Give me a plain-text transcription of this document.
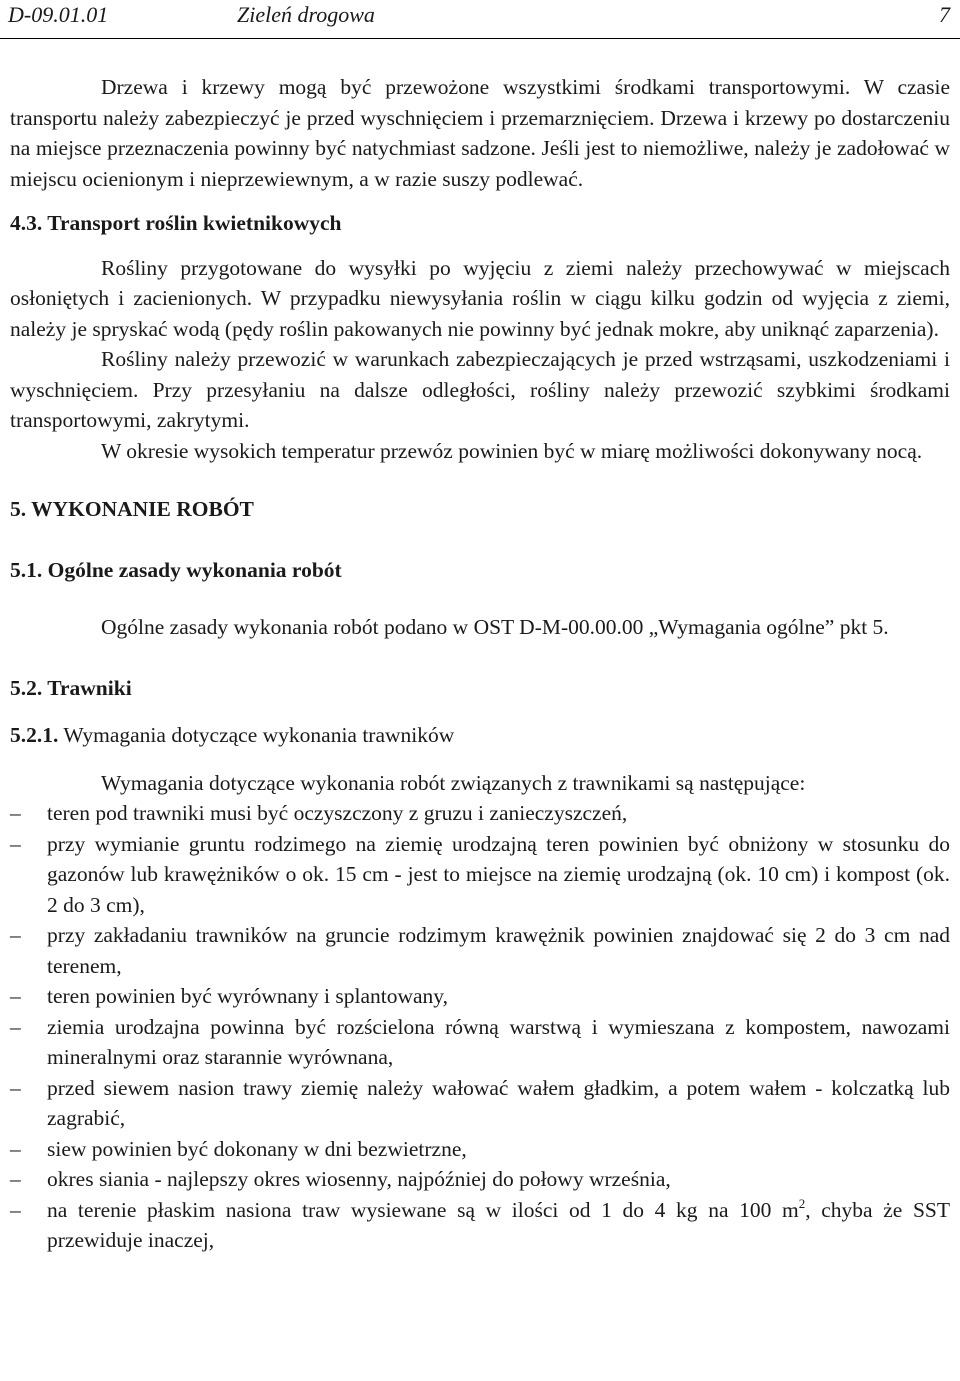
D-09.01.01	Zieleń drogowa	7

Drzewa i krzewy mogą być przewożone wszystkimi środkami transportowymi. W czasie transportu należy zabezpieczyć je przed wyschnięciem i przemarznięciem. Drzewa i krzewy po dostarczeniu na miejsce przeznaczenia powinny być natychmiast sadzone. Jeśli jest to niemożliwe, należy je zadołować w miejscu ocienionym i nieprzewiewnym, a w razie suszy podlewać.

4.3. Transport roślin kwietnikowych

Rośliny przygotowane do wysyłki po wyjęciu z ziemi należy przechowywać w miejscach osłoniętych i zacienionych. W przypadku niewysyłania roślin w ciągu kilku godzin od wyjęcia z ziemi, należy je spryskać wodą (pędy roślin pakowanych nie powinny być jednak mokre, aby uniknąć zaparzenia).

Rośliny należy przewozić w warunkach zabezpieczających je przed wstrząsami, uszkodzeniami i wyschnięciem. Przy przesyłaniu na dalsze odległości, rośliny należy przewozić szybkimi środkami transportowymi, zakrytymi.

W okresie wysokich temperatur przewóz powinien być w miarę możliwości dokonywany nocą.

5. WYKONANIE ROBÓT

5.1. Ogólne zasady wykonania robót

Ogólne zasady wykonania robót podano w OST D-M-00.00.00 „Wymagania ogólne” pkt 5.

5.2. Trawniki

5.2.1. Wymagania dotyczące wykonania trawników

Wymagania dotyczące wykonania robót związanych z trawnikami są następujące:

–	teren pod trawniki musi być oczyszczony z gruzu i zanieczyszczeń,
–	przy wymianie gruntu rodzimego na ziemię urodzajną teren powinien być obniżony w stosunku do gazonów lub krawężników o ok. 15 cm - jest to miejsce na ziemię urodzajną (ok. 10 cm) i kompost (ok. 2 do 3 cm),
–	przy zakładaniu trawników na gruncie rodzimym krawężnik powinien znajdować się 2 do 3 cm nad terenem,
–	teren powinien być wyrównany i splantowany,
–	ziemia urodzajna powinna być rozścielona równą warstwą i wymieszana z kompostem, nawozami mineralnymi oraz starannie wyrównana,
–	przed siewem nasion trawy ziemię należy wałować wałem gładkim, a potem wałem - kolczatką lub zagrabić,
–	siew powinien być dokonany w dni bezwietrzne,
–	okres siania - najlepszy okres wiosenny, najpóźniej do połowy września,
–	na terenie płaskim nasiona traw wysiewane są w ilości od 1 do 4 kg na 100 $m^2$, chyba że SST przewiduje inaczej,
